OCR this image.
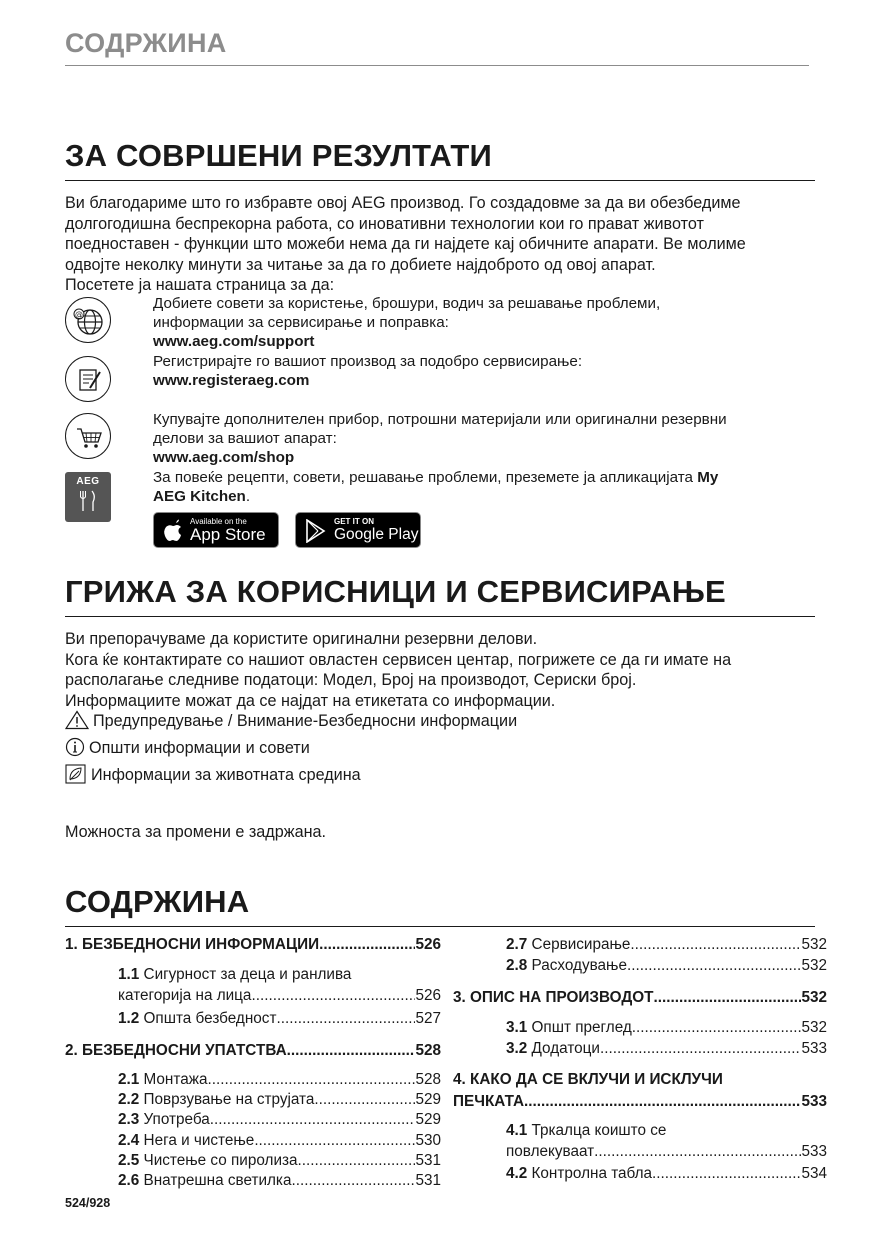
СОДРЖИНА
ЗА СОВРШЕНИ РЕЗУЛТАТИ

Ви благодариме што го избравте овој AEG производ. Го создадовме за да ви обезбедиме
долгогодишна беспрекорна работа, со иновативни технологии кои го прават животот
поедноставен - функции што можеби нема да ги најдете кај обичните апарати. Ве молиме
одвојте неколку минути за читање за да го добиете најдоброто од овој апарат.
Посетете ја нашата страница за да:

@
Добиете совети за користење, брошури, водич за решавање проблеми,
информации за сервисирање и поправка:
www.aeg.com/support
Регистрирајте го вашиот производ за подобро сервисирање:
www.registeraeg.com
Купувајте дополнителен прибор, потрошни материјали или оригинални резервни
делови за вашиот апарат:
www.aeg.com/shop
За повеќе рецепти, совети, решавање проблеми, преземете ја апликацијата My
AEG Kitchen.
AEG
Available on the
App Store
GET IT ON
Google Play
ГРИЖА ЗА КОРИСНИЦИ И СЕРВИСИРАЊЕ

Ви препорачуваме да користите оригинални резервни делови.
Кога ќе контактирате со нашиот овластен сервисен центар, погрижете се да ги имате на
располагање следниве податоци: Модел, Број на производот, Сериски број.
Информациите можат да се најдат на етикетата со информации.

Предупредување / Внимание-Безбедносни информации
Општи информации и совети
Информации за животната средина
Можноста за промени е задржана.
СОДРЖИНА
1. БЕЗБЕДНОСНИ ИНФОРМАЦИИ .....	526
1.1 Сигурност за деца и ранлива
категорија на лица .....	526
1.2 Општа безбедност .....	527
2. БЕЗБЕДНОСНИ УПАТСТВА .....	528
2.1 Монтажа .....	528
2.2 Поврзување на струјата .....	529
2.3 Употреба .....	529
2.4 Нега и чистење .....	530
2.5 Чистење со пиролиза .....	531
2.6 Внатрешна светилка .....	531
2.7 Сервисирање .....	532
2.8 Расходување .....	532
3. ОПИС НА ПРОИЗВОДОТ .....	532
3.1 Општ преглед .....	532
3.2 Додатоци .....	533
4. КАКО ДА СЕ ВКЛУЧИ И ИСКЛУЧИ
ПЕЧКАТА .....	533
4.1 Тркалца коишто се
повлекуваат .....	533
4.2 Контролна табла .....	534
524/928
